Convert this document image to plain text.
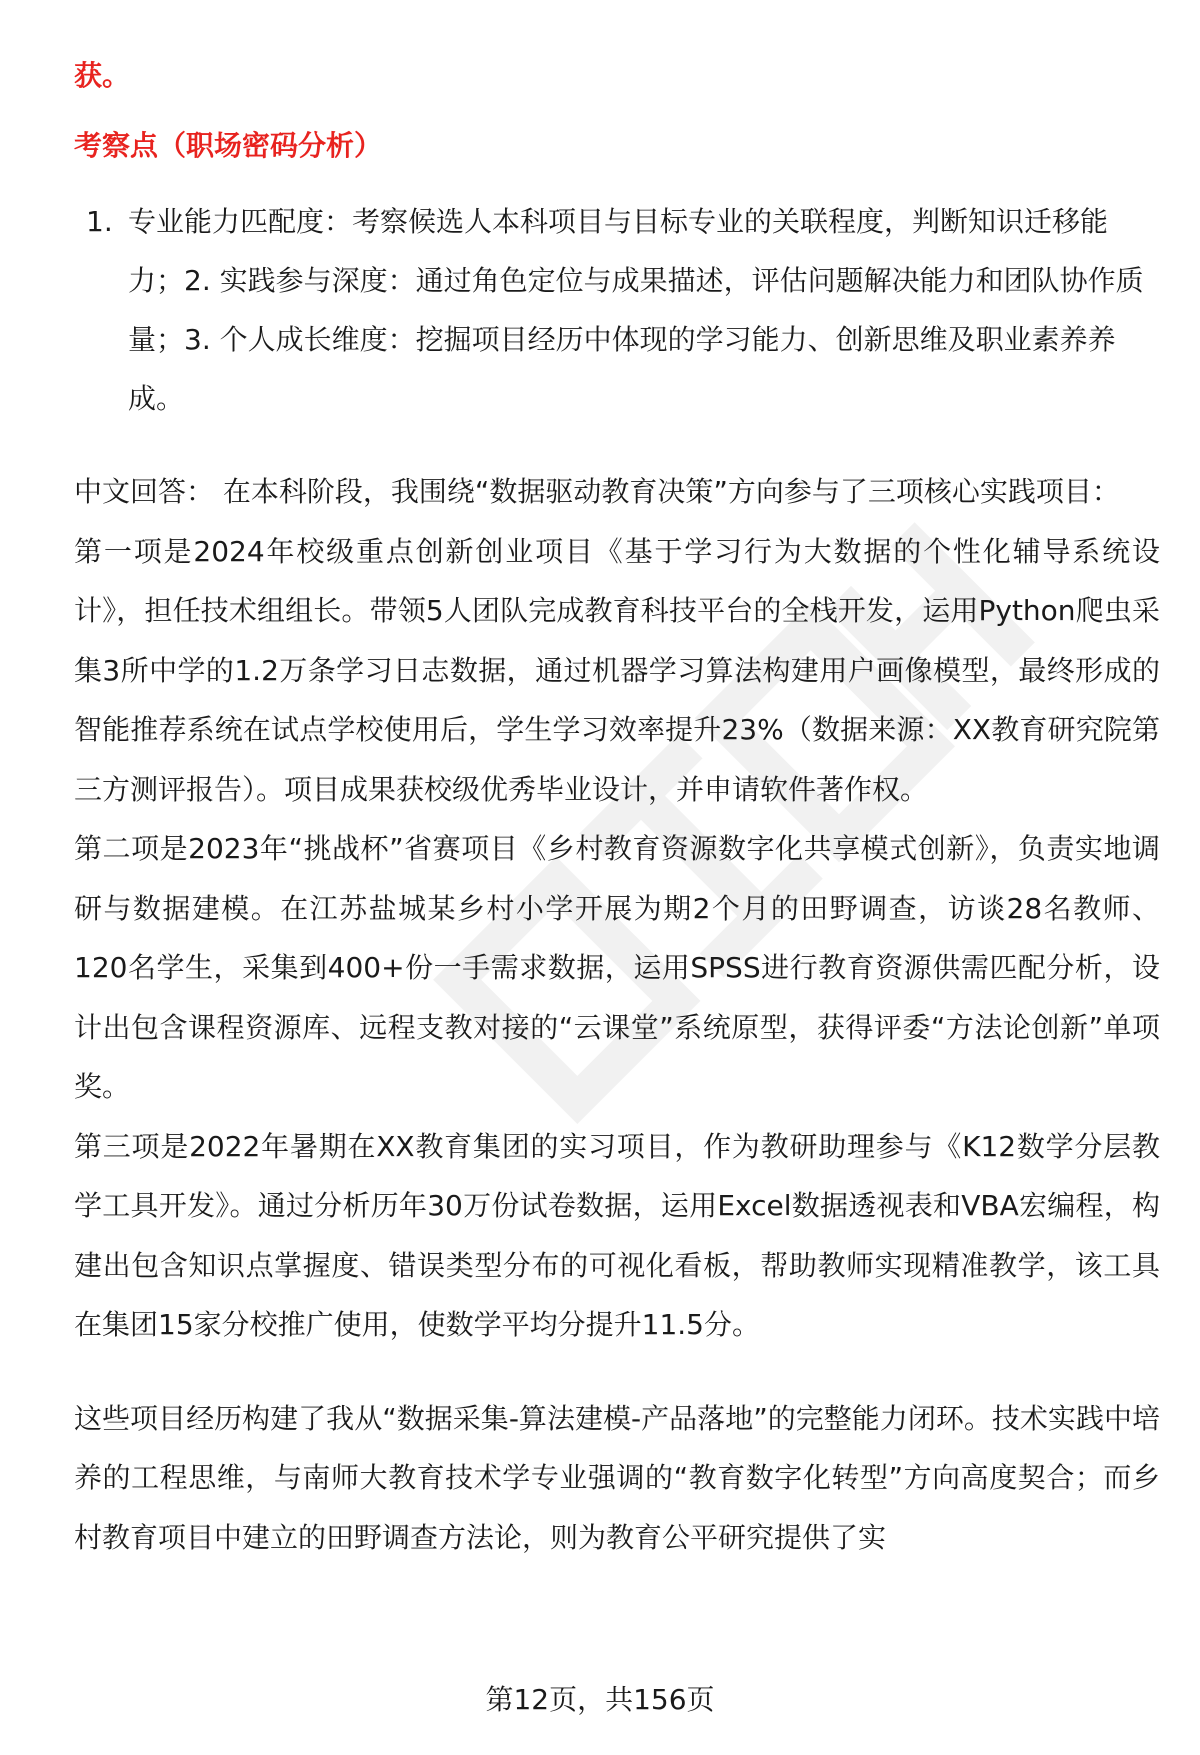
获。

考察点（职场密码分析）

1. 专业能力匹配度：考察候选人本科项目与目标专业的关联程度，判断知识迁移能力；2. 实践参与深度：通过角色定位与成果描述，评估问题解决能力和团队协作质量；3. 个人成长维度：挖掘项目经历中体现的学习能力、创新思维及职业素养养成。

中文回答： 在本科阶段，我围绕“数据驱动教育决策”方向参与了三项核心实践项目：

第一项是2024年校级重点创新创业项目《基于学习行为大数据的个性化辅导系统设计》，担任技术组组长。带领5人团队完成教育科技平台的全栈开发，运用Python爬虫采集3所中学的1.2万条学习日志数据，通过机器学习算法构建用户画像模型，最终形成的智能推荐系统在试点学校使用后，学生学习效率提升23%（数据来源：XX教育研究院第三方测评报告）。项目成果获校级优秀毕业设计，并申请软件著作权。

第二项是2023年“挑战杯”省赛项目《乡村教育资源数字化共享模式创新》，负责实地调研与数据建模。在江苏盐城某乡村小学开展为期2个月的田野调查，访谈28名教师、120名学生，采集到400+份一手需求数据，运用SPSS进行教育资源供需匹配分析，设计出包含课程资源库、远程支教对接的“云课堂”系统原型，获得评委“方法论创新”单项奖。

第三项是2022年暑期在XX教育集团的实习项目，作为教研助理参与《K12数学分层教学工具开发》。通过分析历年30万份试卷数据，运用Excel数据透视表和VBA宏编程，构建出包含知识点掌握度、错误类型分布的可视化看板，帮助教师实现精准教学，该工具在集团15家分校推广使用，使数学平均分提升11.5分。

这些项目经历构建了我从“数据采集-算法建模-产品落地”的完整能力闭环。技术实践中培养的工程思维，与南师大教育技术学专业强调的“教育数字化转型”方向高度契合；而乡村教育项目中建立的田野调查方法论，则为教育公平研究提供了实

第12页，共156页
